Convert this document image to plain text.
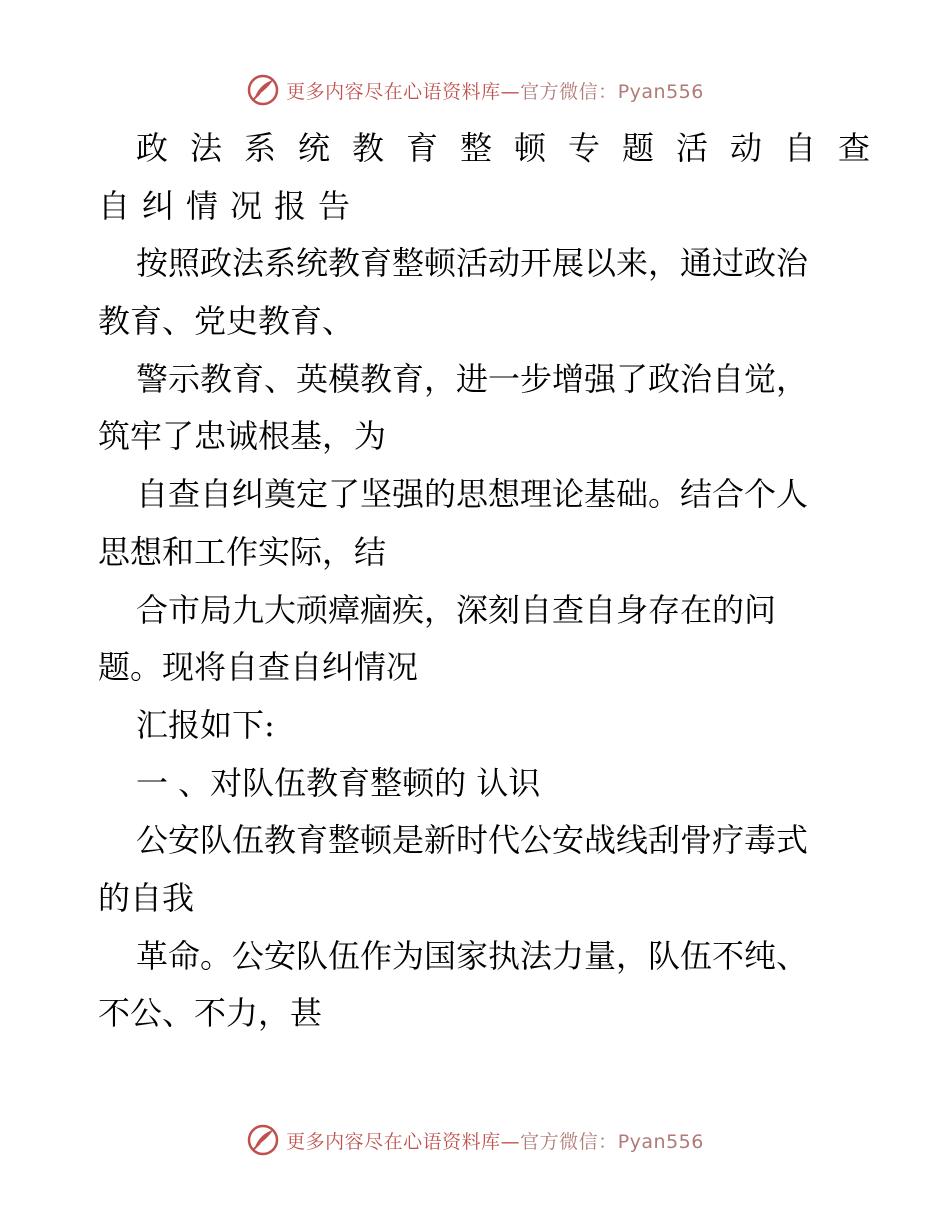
更多内容尽在心语资料库—官方微信：Pyan556
政法系统教育整顿专题活动自查
自纠情况报告
按照政法系统教育整顿活动开展以来，通过政治
教育、党史教育、
警示教育、英模教育，进一步增强了政治自觉，
筑牢了忠诚根基，为
自查自纠奠定了坚强的思想理论基础。结合个人
思想和工作实际，结
合市局九大顽瘴痼疾，深刻自查自身存在的问
题。现将自查自纠情况
汇报如下:
一 、对队伍教育整顿的 认识
公安队伍教育整顿是新时代公安战线刮骨疗毒式
的自我
革命。公安队伍作为国家执法力量，队伍不纯、
不公、不力，甚
更多内容尽在心语资料库—官方微信：Pyan556
